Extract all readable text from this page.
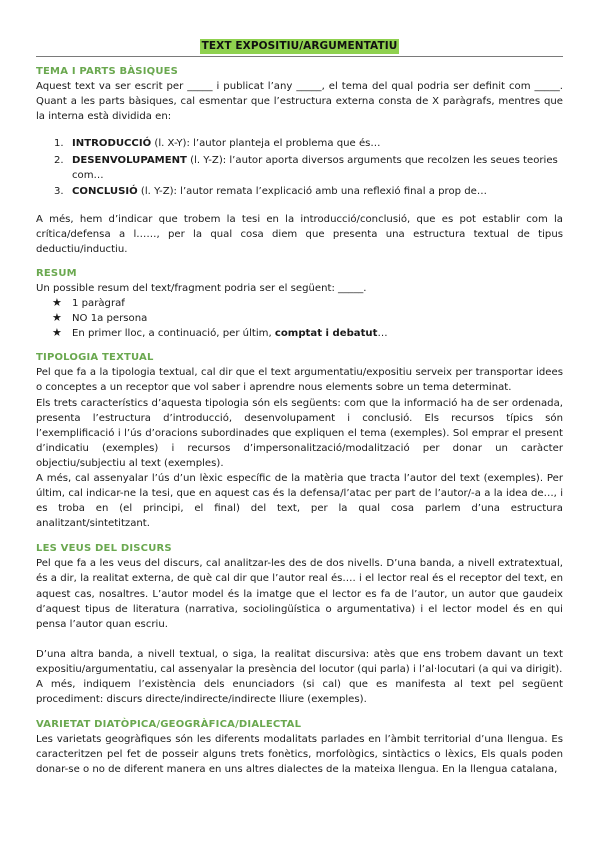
TEXT EXPOSITIU/ARGUMENTATIU
TEMA I PARTS BÀSIQUES

Aquest text va ser escrit per _____ i publicat l’any _____, el tema del qual podria ser definit com _____. Quant a les parts bàsiques, cal esmentar que l’estructura externa consta de X paràgrafs, mentres que la interna està dividida en:

1. INTRODUCCIÓ (l. X-Y): l’autor planteja el problema que és…
2. DESENVOLUPAMENT (l. Y-Z): l’autor aporta diversos arguments que recolzen les seues teories com…
3. CONCLUSIÓ (l. Y-Z): l’autor remata l’explicació amb una reflexió final a prop de…

A més, hem d’indicar que trobem la tesi en la introducció/conclusió, que es pot establir com la crítica/defensa a l……, per la qual cosa diem que presenta una estructura textual de tipus deductiu/inductiu.

RESUM

Un possible resum del text/fragment podria ser el següent: _____.

★ 1 paràgraf
★ NO 1a persona
★ En primer lloc, a continuació, per últim, comptat i debatut…
TIPOLOGIA TEXTUAL

Pel que fa a la tipologia textual, cal dir que el text argumentatiu/expositiu serveix per transportar idees o conceptes a un receptor que vol saber i aprendre nous elements sobre un tema determinat.

Els trets característics d’aquesta tipologia són els següents: com que la informació ha de ser ordenada, presenta l’estructura d’introducció, desenvolupament i conclusió. Els recursos típics són l’exemplificació i l’ús d’oracions subordinades que expliquen el tema (exemples). Sol emprar el present d’indicatiu (exemples) i recursos d’impersonalització/modalització per donar un caràcter objectiu/subjectiu al text (exemples).

A més, cal assenyalar l’ús d’un lèxic específic de la matèria que tracta l’autor del text (exemples). Per últim, cal indicar-ne la tesi, que en aquest cas és la defensa/l’atac per part de l’autor/-a a la idea de…, i es troba en (el principi, el final) del text, per la qual cosa parlem d’una estructura analitzant/sintetitzant.

LES VEUS DEL DISCURS

Pel que fa a les veus del discurs, cal analitzar-les des de dos nivells. D’una banda, a nivell extratextual, és a dir, la realitat externa, de què cal dir que l’autor real és…. i el lector real és el receptor del text, en aquest cas, nosaltres. L’autor model és la imatge que el lector es fa de l’autor, un autor que gaudeix d’aquest tipus de literatura (narrativa, sociolingüística o argumentativa) i el lector model és en qui pensa l’autor quan escriu.

D’una altra banda, a nivell textual, o siga, la realitat discursiva: atès que ens trobem davant un text expositiu/argumentatiu, cal assenyalar la presència del locutor (qui parla) i l’al·locutari (a qui va dirigit).

A més, indiquem l’existència dels enunciadors (si cal) que es manifesta al text pel següent procediment: discurs directe/indirecte/indirecte lliure (exemples).

VARIETAT DIATÒPICA/GEOGRÀFICA/DIALECTAL

Les varietats geogràfiques són les diferents modalitats parlades en l’àmbit territorial d’una llengua. Es caracteritzen pel fet de posseir alguns trets fonètics, morfològics, sintàctics o lèxics, Els quals poden donar-se o no de diferent manera en uns altres dialectes de la mateixa llengua. En la llengua catalana,
